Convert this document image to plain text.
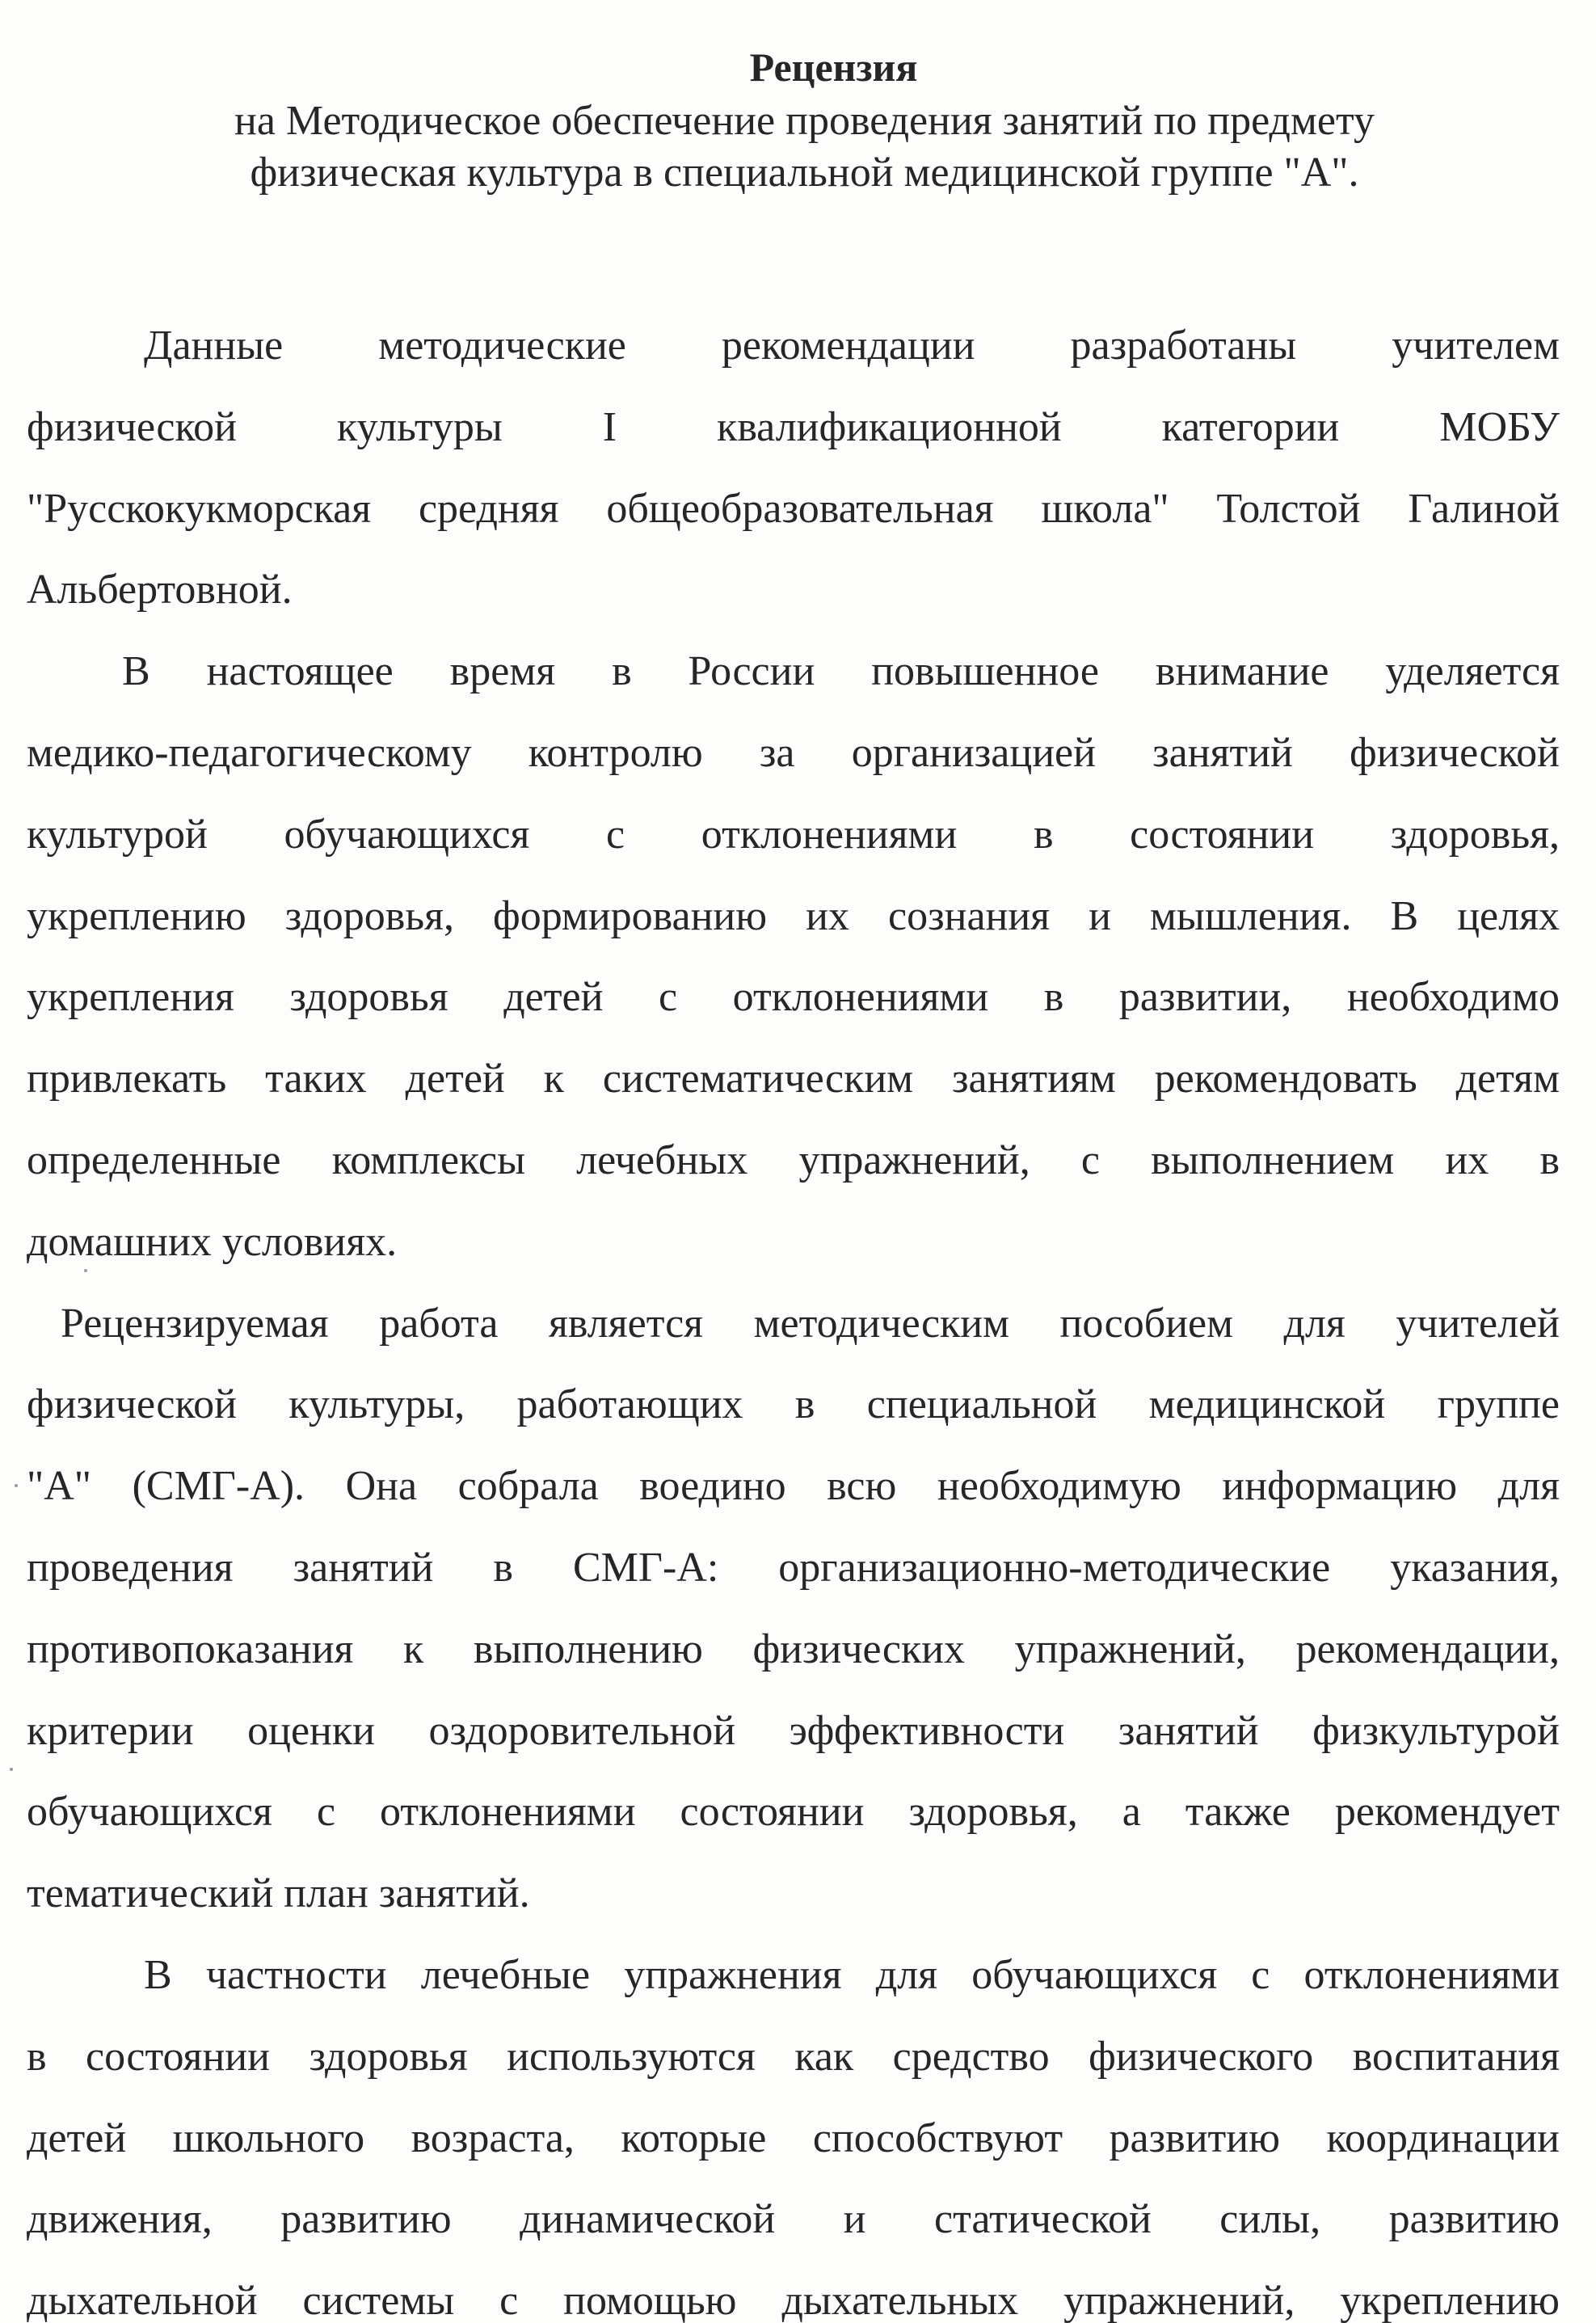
Рецензия
на Методическое обеспечение проведения занятий по предмету
физическая культура в специальной медицинской группе "А".

Данные методические рекомендации разработаны учителем
физической культуры I квалификационной категории МОБУ
"Русскокукморская средняя общеобразовательная школа" Толстой Галиной
Альбертовной.

В настоящее время в России повышенное внимание уделяется
медико-педагогическому контролю за организацией занятий физической
культурой обучающихся с отклонениями в состоянии здоровья,
укреплению здоровья, формированию их сознания и мышления. В целях
укрепления здоровья детей с отклонениями в развитии, необходимо
привлекать таких детей к систематическим занятиям рекомендовать детям
определенные комплексы лечебных упражнений, с выполнением их в
домашних условиях.

Рецензируемая работа является методическим пособием для учителей
физической культуры, работающих в специальной медицинской группе
"А" (СМГ-А). Она собрала воедино всю необходимую информацию для
проведения занятий в СМГ-А: организационно-методические указания,
противопоказания к выполнению физических упражнений, рекомендации,
критерии оценки оздоровительной эффективности занятий физкультурой
обучающихся с отклонениями состоянии здоровья, а также рекомендует
тематический план занятий.

В частности лечебные упражнения для обучающихся с отклонениями
в состоянии здоровья используются как средство физического воспитания
детей школьного возраста, которые способствуют развитию координации
движения, развитию динамической и статической силы, развитию
дыхательной системы с помощью дыхательных упражнений, укреплению
